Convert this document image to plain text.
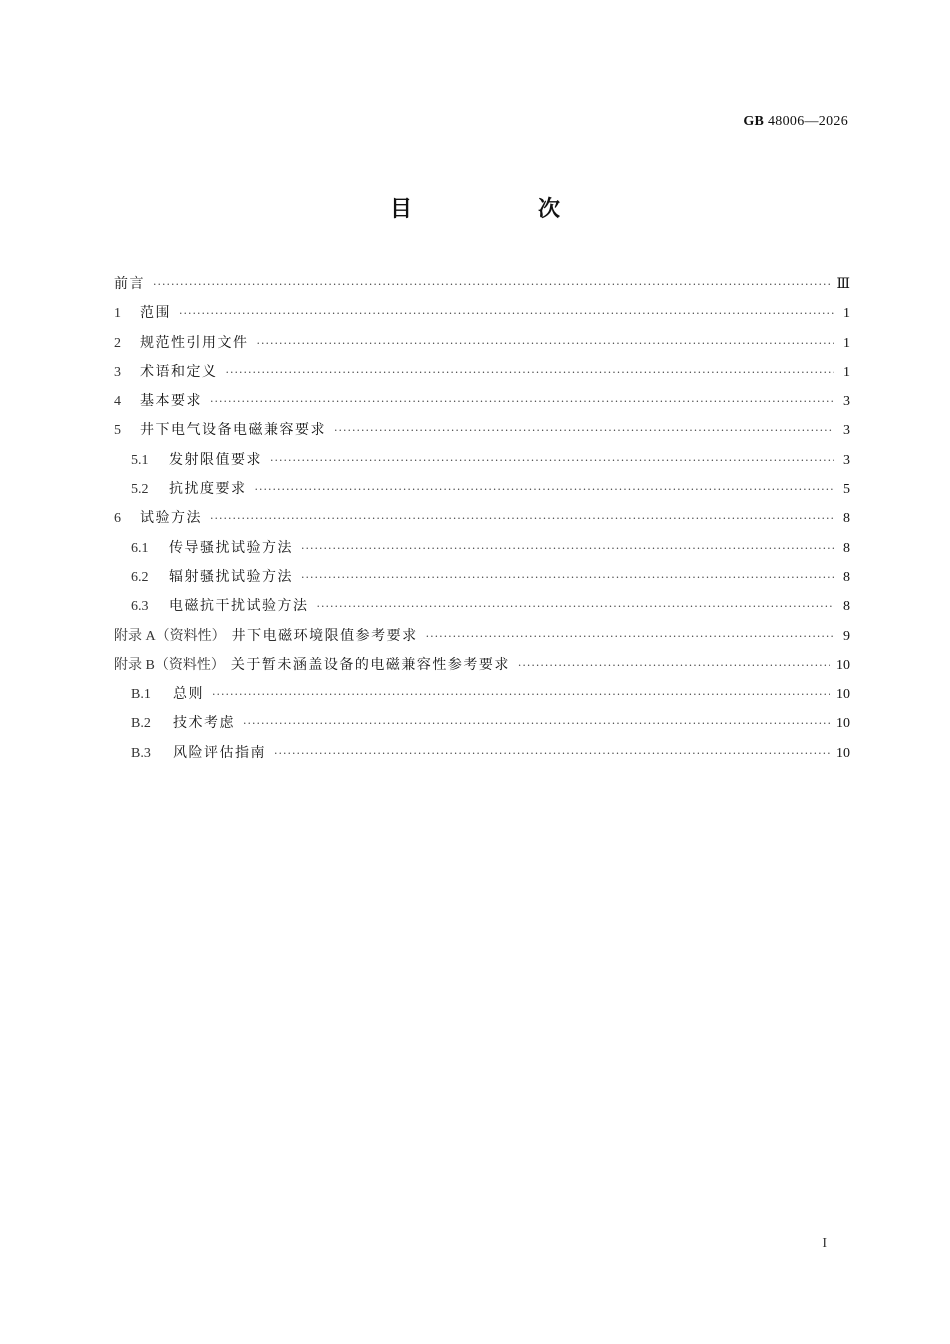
GB 48006—2026
目　次
前言 ·····	Ⅲ
1	范围 ·····	1
2	规范性引用文件 ·····	1
3	术语和定义 ·····	1
4	基本要求 ·····	3
5	井下电气设备电磁兼容要求 ·····	3
5.1	发射限值要求 ·····	3
5.2	抗扰度要求 ·····	5
6	试验方法 ·····	8
6.1	传导骚扰试验方法 ·····	8
6.2	辐射骚扰试验方法 ·····	8
6.3	电磁抗干扰试验方法 ·····	8
附录 A（资料性） 井下电磁环境限值参考要求 ·····	9
附录 B（资料性） 关于暂未涵盖设备的电磁兼容性参考要求 ·····	10
B.1	总则 ·····	10
B.2	技术考虑 ·····	10
B.3	风险评估指南 ·····	10
I
